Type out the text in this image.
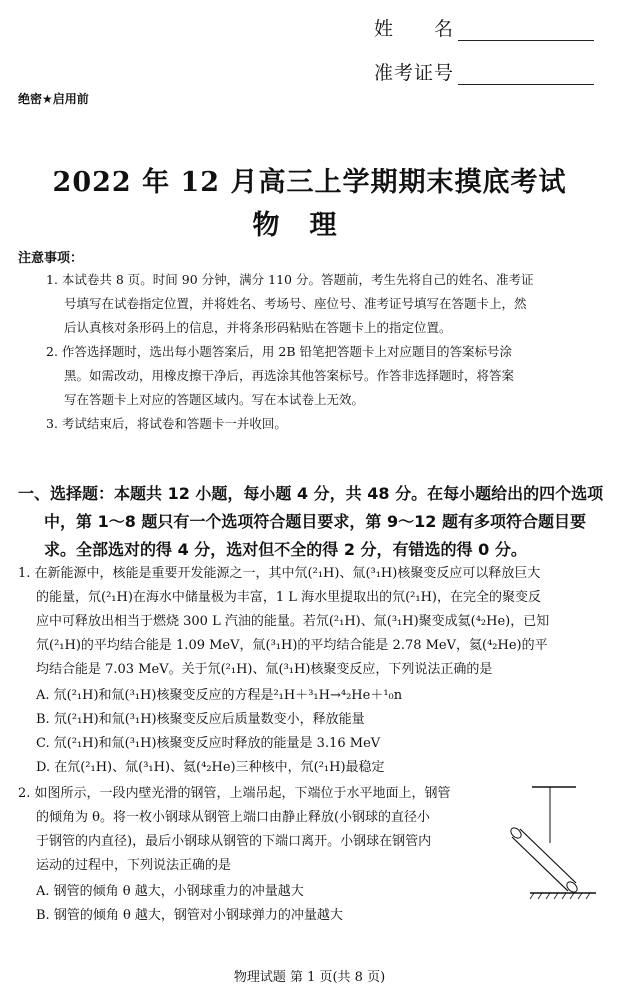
姓　　名
准考证号
绝密★启用前
2022 年 12 月高三上学期期末摸底考试
物理
注意事项：
1. 本试卷共 8 页。时间 90 分钟，满分 110 分。答题前，考生先将自己的姓名、准考证
号填写在试卷指定位置，并将姓名、考场号、座位号、准考证号填写在答题卡上，然
后认真核对条形码上的信息，并将条形码粘贴在答题卡上的指定位置。
2. 作答选择题时，选出每小题答案后，用 2B 铅笔把答题卡上对应题目的答案标号涂
黑。如需改动，用橡皮擦干净后，再选涂其他答案标号。作答非选择题时，将答案
写在答题卡上对应的答题区域内。写在本试卷上无效。
3. 考试结束后，将试卷和答题卡一并收回。
一、选择题：本题共 12 小题，每小题 4 分，共 48 分。在每小题给出的四个选项
中，第 1～8 题只有一个选项符合题目要求，第 9～12 题有多项符合题目要
求。全部选对的得 4 分，选对但不全的得 2 分，有错选的得 0 分。
1. 在新能源中，核能是重要开发能源之一，其中氘(²₁H)、氚(³₁H)核聚变反应可以释放巨大
的能量，氘(²₁H)在海水中储量极为丰富，1 L 海水里提取出的氘(²₁H)，在完全的聚变反
应中可释放出相当于燃烧 300 L 汽油的能量。若氘(²₁H)、氚(³₁H)聚变成氦(⁴₂He)，已知
氘(²₁H)的平均结合能是 1.09 MeV，氚(³₁H)的平均结合能是 2.78 MeV，氦(⁴₂He)的平
均结合能是 7.03 MeV。关于氘(²₁H)、氚(³₁H)核聚变反应，下列说法正确的是
A. 氘(²₁H)和氚(³₁H)核聚变反应的方程是²₁H＋³₁H→⁴₂He＋¹₀n
B. 氘(²₁H)和氚(³₁H)核聚变反应后质量数变小，释放能量
C. 氘(²₁H)和氚(³₁H)核聚变反应时释放的能量是 3.16 MeV
D. 在氘(²₁H)、氚(³₁H)、氦(⁴₂He)三种核中，氘(²₁H)最稳定
2. 如图所示，一段内壁光滑的钢管，上端吊起，下端位于水平地面上，钢管
的倾角为 θ。将一枚小钢球从钢管上端口由静止释放(小钢球的直径小
于钢管的内直径)，最后小钢球从钢管的下端口离开。小钢球在钢管内
运动的过程中，下列说法正确的是
A. 钢管的倾角 θ 越大，小钢球重力的冲量越大
B. 钢管的倾角 θ 越大，钢管对小钢球弹力的冲量越大
物理试题 第 1 页(共 8 页)
